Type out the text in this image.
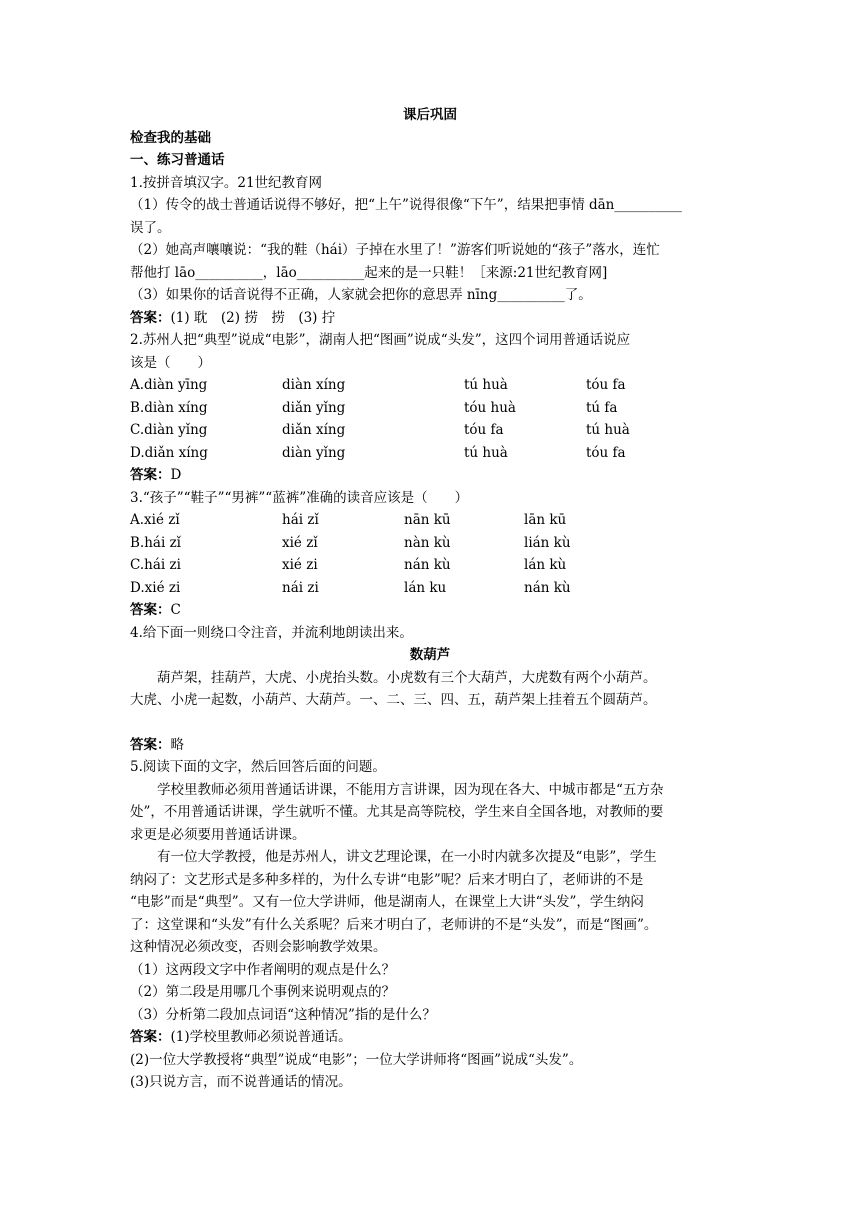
课后巩固
检查我的基础
一、练习普通话
1.按拼音填汉字。21世纪教育网
（1）传令的战士普通话说得不够好，把“上午”说得很像“下午”，结果把事情 dān__________
误了。
（2）她高声嚷嚷说：“我的鞋（hái）子掉在水里了！”游客们听说她的“孩子”落水，连忙
帮他打 lāo__________，lāo__________起来的是一只鞋！［来源:21世纪教育网]
（3）如果你的话音说得不正确，人家就会把你的意思弄 nīng__________了。
答案：(1) 耽　(2) 捞　捞　(3) 拧
2.苏州人把“典型”说成“电影”，湖南人把“图画”说成“头发”，这四个词用普通话说应
该是（　　）
A.diàn yīng	diàn xíng	tú huà	tóu fa
B.diàn xíng	diǎn yǐng	tóu huà	tú fa
C.diàn yǐng	diǎn xíng	tóu fa	tú huà
D.diǎn xíng	diàn yǐng	tú huà	tóu fa
答案：D
3.“孩子”“鞋子”“男裤”“蓝裤”准确的读音应该是（　　）
A.xié zǐ	hái zǐ	nān kū	lān kū
B.hái zǐ	xié zǐ	nàn kù	lián kù
C.hái zi	xié zi	nán kù	lán kù
D.xié zi	nái zi	lán ku	nán kù
答案：C
4.给下面一则绕口令注音，并流利地朗读出来。
数葫芦
葫芦架，挂葫芦，大虎、小虎抬头数。小虎数有三个大葫芦，大虎数有两个小葫芦。
大虎、小虎一起数，小葫芦、大葫芦。一、二、三、四、五，葫芦架上挂着五个圆葫芦。
答案：略
5.阅读下面的文字，然后回答后面的问题。
学校里教师必须用普通话讲课，不能用方言讲课，因为现在各大、中城市都是“五方杂
处”，不用普通话讲课，学生就听不懂。尤其是高等院校，学生来自全国各地，对教师的要
求更是必须要用普通话讲课。
有一位大学教授，他是苏州人，讲文艺理论课，在一小时内就多次提及“电影”，学生
纳闷了：文艺形式是多种多样的，为什么专讲“电影”呢？后来才明白了，老师讲的不是
“电影”而是“典型”。又有一位大学讲师，他是湖南人，在课堂上大讲“头发”，学生纳闷
了：这堂课和“头发”有什么关系呢？后来才明白了，老师讲的不是“头发”，而是“图画”。
这种情况必须改变，否则会影响教学效果。
（1）这两段文字中作者阐明的观点是什么？
（2）第二段是用哪几个事例来说明观点的？
（3）分析第二段加点词语“这种情况”指的是什么？
答案：(1)学校里教师必须说普通话。
(2)一位大学教授将“典型”说成“电影”；一位大学讲师将“图画”说成“头发”。
(3)只说方言，而不说普通话的情况。
